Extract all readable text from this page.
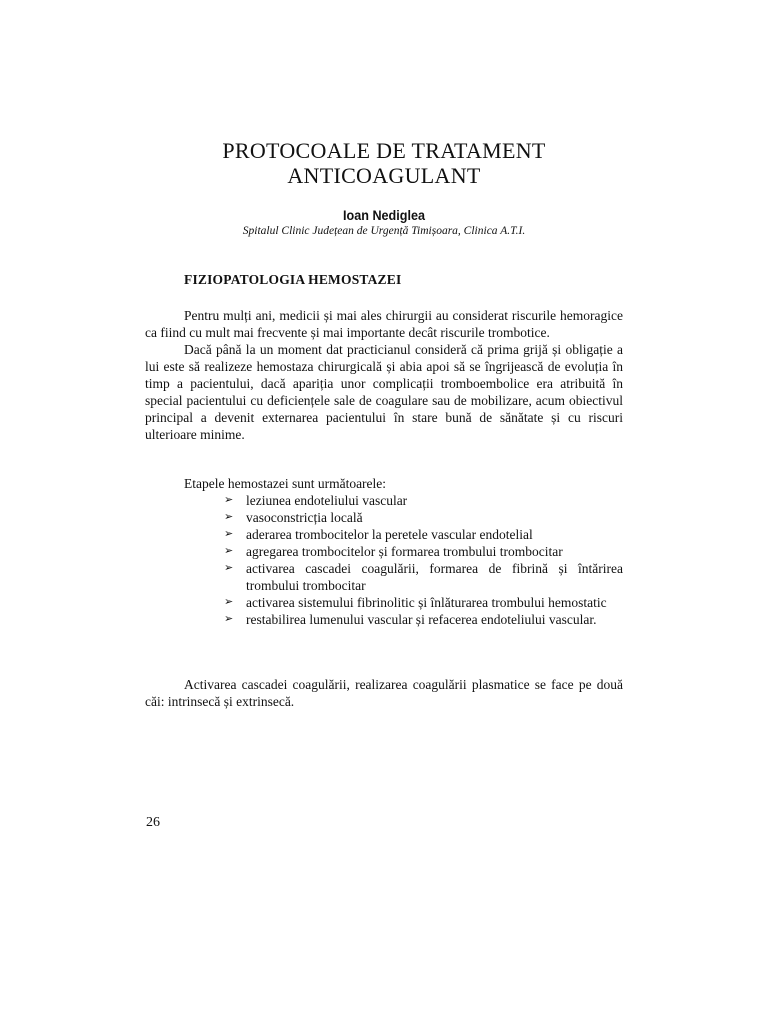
PROTOCOALE DE TRATAMENT
ANTICOAGULANT
Ioan Nediglea
Spitalul Clinic Județean de Urgență Timișoara, Clinica A.T.I.
FIZIOPATOLOGIA HEMOSTAZEI

Pentru mulți ani, medicii și mai ales chirurgii au considerat riscurile hemoragice ca fiind cu mult mai frecvente și mai importante decât riscurile trombotice.

Dacă până la un moment dat practicianul consideră că prima grijă și obligație a lui este să realizeze hemostaza chirurgicală și abia apoi să se îngrijească de evoluția în timp a pacientului, dacă apariția unor complicații tromboembolice era atribuită în special pacientului cu deficiențele sale de coagulare sau de mobilizare, acum obiectivul principal a devenit externarea pacientului în stare bună de sănătate și cu riscuri ulterioare minime.

Etapele hemostazei sunt următoarele:

➢ leziunea endoteliului vascular
➢ vasoconstricția locală
➢ aderarea trombocitelor la peretele vascular endotelial
➢ agregarea trombocitelor și formarea trombului trombocitar
➢ activarea cascadei coagulării, formarea de fibrină și întărirea trombului trombocitar
➢ activarea sistemului fibrinolitic și înlăturarea trombului hemostatic
➢ restabilirea lumenului vascular și refacerea endoteliului vascular.

Activarea cascadei coagulării, realizarea coagulării plasmatice se face pe două căi: intrinsecă și extrinsecă.

26
